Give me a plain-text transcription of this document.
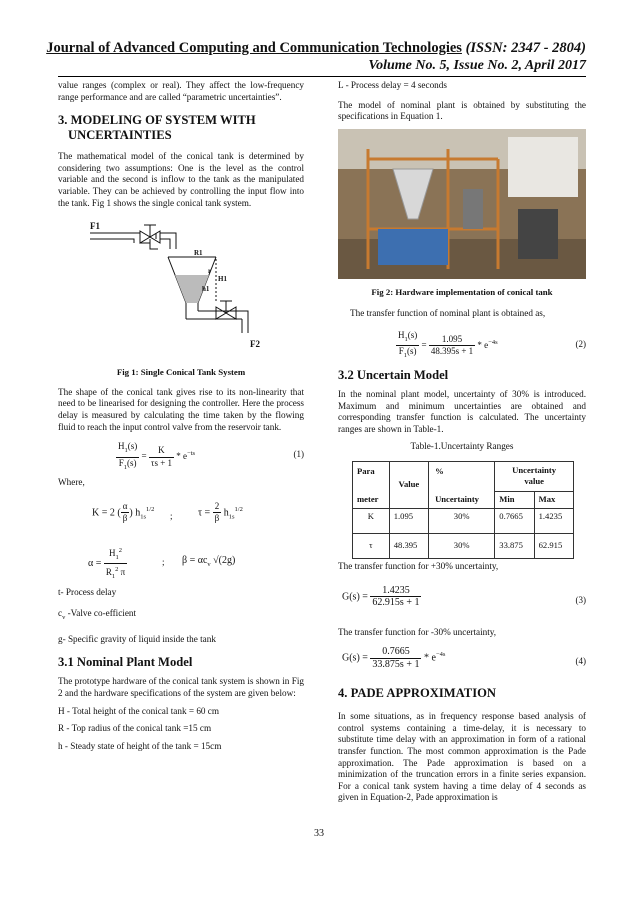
Journal of Advanced Computing and Communication Technologies (ISSN: 2347 - 2804)
Volume No. 5, Issue No. 2, April 2017

value ranges (complex or real). They affect the low-frequency range performance and are called “parametric uncertainties”.

3. MODELING OF SYSTEM WITH
UNCERTAINTIES

The mathematical model of the conical tank is determined by considering two assumptions: One is the level as the control variable and the second is inflow to the tank as the manipulated variable. They can be achieved by controlling the input flow into the tank. Fig 1 shows the single conical tank system.

F1
F2
R1
H1
r
h1
Fig 1: Single Conical Tank System

The shape of the conical tank gives rise to its non-linearity that need to be linearised for designing the controller. Here the process delay is measured by calculating the time taken by the flowing fluid to reach the input control valve from the reservoir tank.

$\frac{H_1(s)}{F_1(s)} = \frac{K}{\tau s + 1} * e^{-ts}$	(1)

Where,

K = 2 ( $\frac{\alpha}{\beta}$ ) $h_{1s}^{1/2}$
;	$\tau = \frac{2}{\beta} h_{1s}^{1/2}$
$\alpha = \frac{H_1^2}{R_1^2 \pi}$	; $\beta = \alpha c_v$ √(2g)

t- Process delay

$c_v$ -Valve co-efficient

g- Specific gravity of liquid inside the tank

3.1 Nominal Plant Model

The prototype hardware of the conical tank system is shown in Fig 2 and the hardware specifications of the system are given below:

H - Total height of the conical tank = 60 cm

R - Top radius of the conical tank =15 cm

h - Steady state of height of the tank = 15cm

L - Process delay = 4 seconds

The model of nominal plant is obtained by substituting the specifications in Equation 1.

Fig 2: Hardware implementation of conical tank

The transfer function of nominal plant is obtained as,

$\frac{H_1(s)}{F_1(s)} = \frac{1.095}{48.395s + 1} * e^{-4s}$	(2)
3.2 Uncertain Model

In the nominal plant model, uncertainty of 30% is introduced. Maximum and minimum uncertainties are obtained and corresponding transfer function is calculated. The uncertainty ranges are shown in Table-1.

Table-1.Uncertainty Ranges
Para

meter	Value	%

Uncertainty	Uncertainty
value	
			Min	Max
K	1.095	30%	0.7665	1.4235
τ	48.395	30%	33.875	62.915

The transfer function for +30% uncertainty,

$G(s) = \frac{1.4235}{62.915s + 1}$	(3)

The transfer function for -30% uncertainty,

$G(s) = \frac{0.7665}{33.875s + 1} * e^{-4s}$
(4)
4. PADE APPROXIMATION

In some situations, as in frequency response based analysis of control systems containing a time-delay, it is necessary to substitute time delay with an approximation in form of a rational transfer function. The most common approximation is the Pade approximation. The Pade approximation is based on a minimization of the truncation errors in a finite series expansion. For a conical tank system having a time delay of 4 seconds as given in Equation-2, Pade approximation is

33
